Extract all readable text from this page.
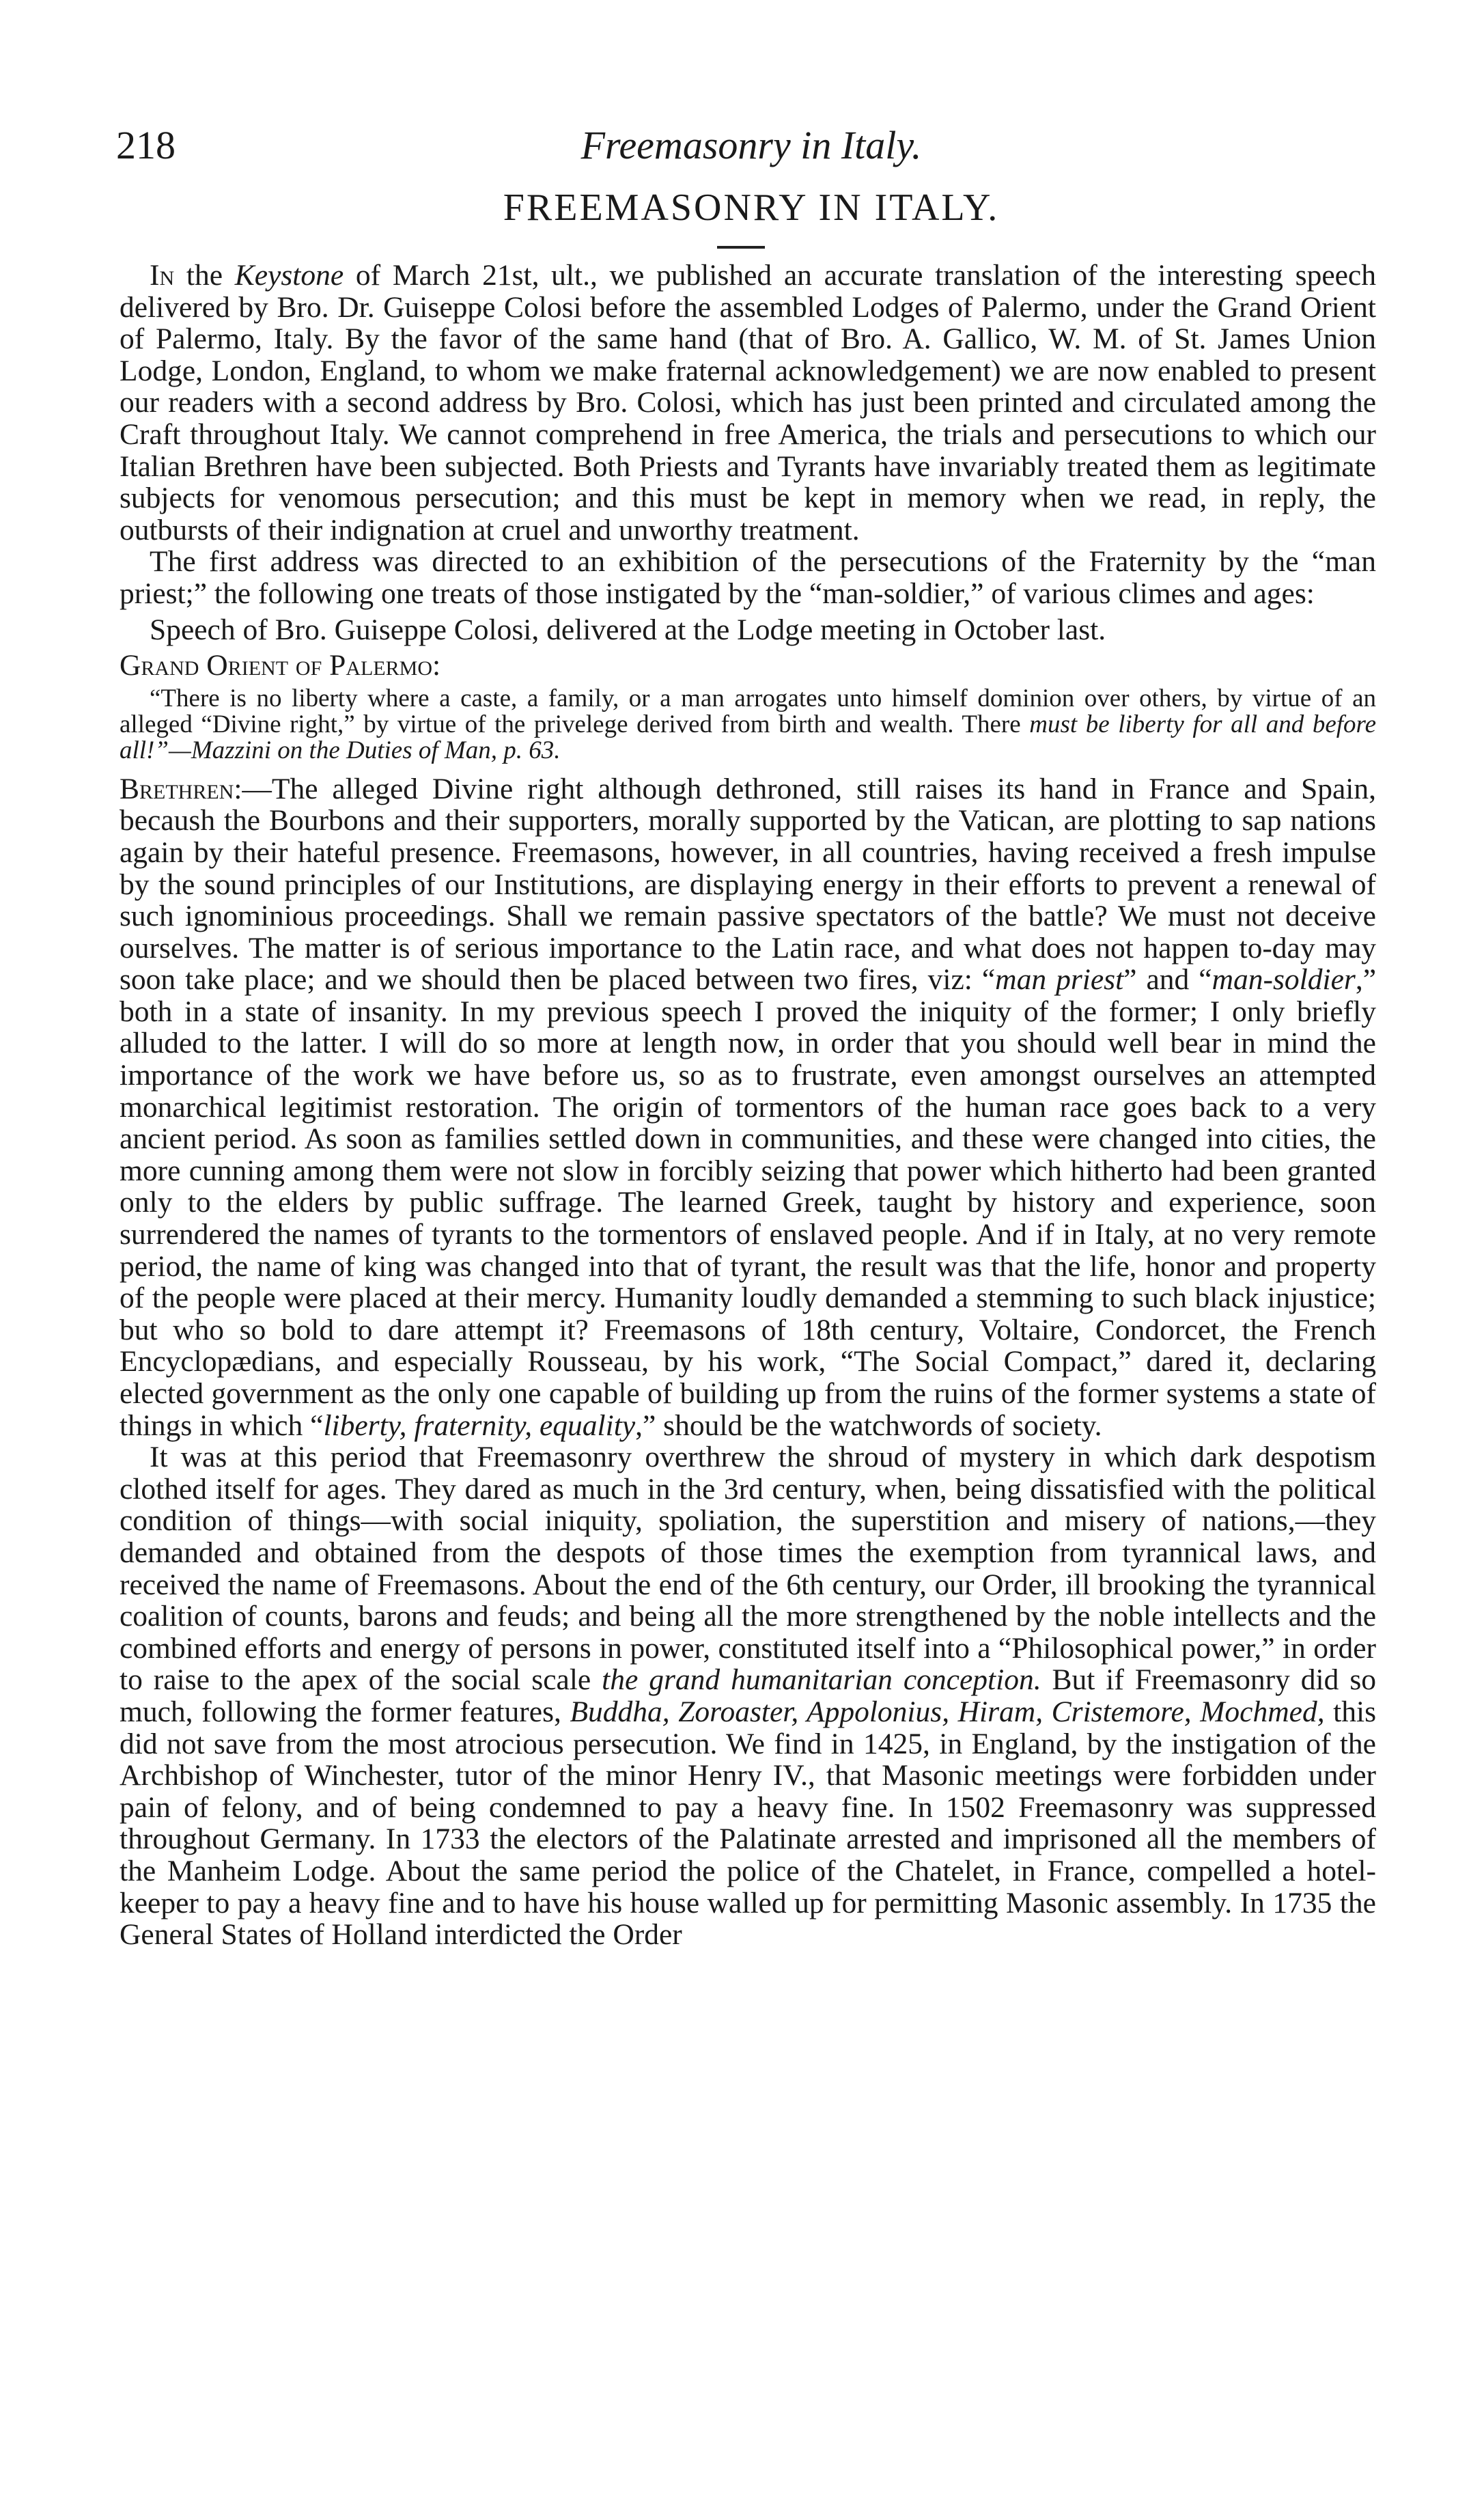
218	Freemasonry in Italy.
FREEMASONRY IN ITALY.

In the Keystone of March 21st, ult., we published an accurate translation of the interesting speech delivered by Bro. Dr. Guiseppe Colosi before the assembled Lodges of Palermo, under the Grand Orient of Palermo, Italy. By the favor of the same hand (that of Bro. A. Gallico, W. M. of St. James Union Lodge, London, England, to whom we make fraternal acknowledgement) we are now enabled to present our readers with a second address by Bro. Colosi, which has just been printed and circulated among the Craft throughout Italy. We cannot comprehend in free America, the trials and persecutions to which our Italian Brethren have been subjected. Both Priests and Tyrants have invariably treated them as legitimate subjects for venomous persecution; and this must be kept in memory when we read, in reply, the outbursts of their indignation at cruel and unworthy treatment.

The first address was directed to an exhibition of the persecutions of the Fraternity by the “man priest;” the following one treats of those instigated by the “man-soldier,” of various climes and ages:

Speech of Bro. Guiseppe Colosi, delivered at the Lodge meeting in October last.

Grand Orient of Palermo:

“There is no liberty where a caste, a family, or a man arrogates unto himself dominion over others, by virtue of an alleged “Divine right,” by virtue of the privelege derived from birth and wealth. There must be liberty for all and before all!”—Mazzini on the Duties of Man, p. 63.

Brethren:—The alleged Divine right although dethroned, still raises its hand in France and Spain, becaush the Bourbons and their supporters, morally supported by the Vatican, are plotting to sap nations again by their hateful presence. Freemasons, however, in all countries, having received a fresh impulse by the sound principles of our Institutions, are displaying energy in their efforts to prevent a renewal of such ignominious proceedings. Shall we remain passive spectators of the battle? We must not deceive ourselves. The matter is of serious importance to the Latin race, and what does not happen to-day may soon take place; and we should then be placed between two fires, viz: “man priest” and “man-soldier,” both in a state of insanity. In my previous speech I proved the iniquity of the former; I only briefly alluded to the latter. I will do so more at length now, in order that you should well bear in mind the importance of the work we have before us, so as to frustrate, even amongst ourselves an attempted monarchical legitimist restoration. The origin of tormentors of the human race goes back to a very ancient period. As soon as families settled down in communities, and these were changed into cities, the more cunning among them were not slow in forcibly seizing that power which hitherto had been granted only to the elders by public suffrage. The learned Greek, taught by history and experience, soon surrendered the names of tyrants to the tormentors of enslaved people. And if in Italy, at no very remote period, the name of king was changed into that of tyrant, the result was that the life, honor and property of the people were placed at their mercy. Humanity loudly demanded a stemming to such black injustice; but who so bold to dare attempt it? Freemasons of 18th century, Voltaire, Condorcet, the French Encyclopædians, and especially Rousseau, by his work, “The Social Compact,” dared it, declaring elected government as the only one capable of building up from the ruins of the former systems a state of things in which “liberty, fraternity, equality,” should be the watchwords of society.

It was at this period that Freemasonry overthrew the shroud of mystery in which dark despotism clothed itself for ages. They dared as much in the 3rd century, when, being dissatisfied with the political condition of things—with social iniquity, spoliation, the superstition and misery of nations,—they demanded and obtained from the despots of those times the exemption from tyrannical laws, and received the name of Freemasons. About the end of the 6th century, our Order, ill brooking the tyrannical coalition of counts, barons and feuds; and being all the more strengthened by the noble intellects and the combined efforts and energy of persons in power, constituted itself into a “Philosophical power,” in order to raise to the apex of the social scale the grand humanitarian conception. But if Freemasonry did so much, following the former features, Buddha, Zoroaster, Appolonius, Hiram, Cristemore, Mochmed, this did not save from the most atrocious persecution. We find in 1425, in England, by the instigation of the Archbishop of Winchester, tutor of the minor Henry IV., that Masonic meetings were forbidden under pain of felony, and of being condemned to pay a heavy fine. In 1502 Freemasonry was suppressed throughout Germany. In 1733 the electors of the Palatinate arrested and imprisoned all the members of the Manheim Lodge. About the same period the police of the Chatelet, in France, compelled a hotel-keeper to pay a heavy fine and to have his house walled up for permitting Masonic assembly. In 1735 the General States of Holland interdicted the Order
